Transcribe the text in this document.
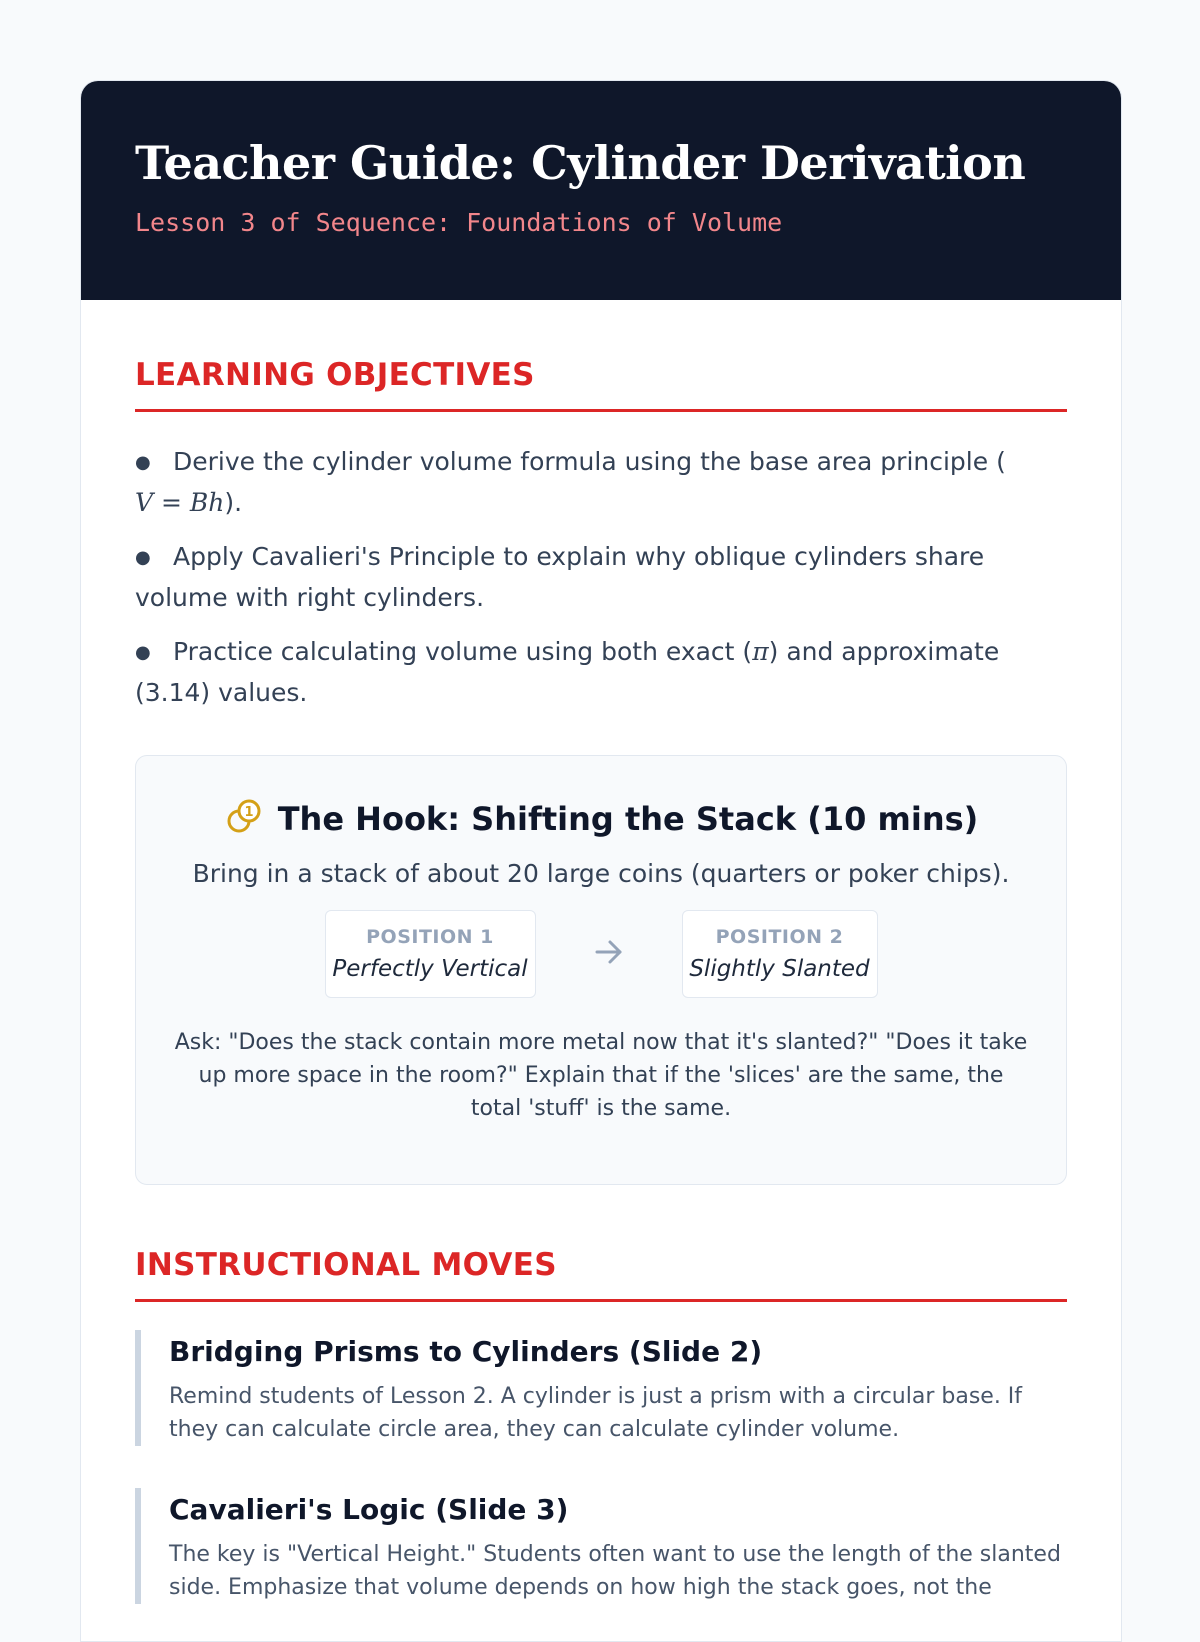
Teacher Guide: Cylinder Derivation
Lesson 3 of Sequence: Foundations of Volume
LEARNING OBJECTIVES
● Derive the cylinder volume formula using the base area principle (
V = Bh).
● Apply Cavalieri's Principle to explain why oblique cylinders share volume with right cylinders.
● Practice calculating volume using both exact (π) and approximate (3.14) values.
1 The Hook: Shifting the Stack (10 mins)
Bring in a stack of about 20 large coins (quarters or poker chips).
POSITION 1
Perfectly Vertical
POSITION 2
Slightly Slanted
Ask: "Does the stack contain more metal now that it's slanted?" "Does it take up more space in the room?" Explain that if the 'slices' are the same, the total 'stuff' is the same.
INSTRUCTIONAL MOVES
Bridging Prisms to Cylinders (Slide 2)
Remind students of Lesson 2. A cylinder is just a prism with a circular base. If they can calculate circle area, they can calculate cylinder volume.
Cavalieri's Logic (Slide 3)
The key is "Vertical Height." Students often want to use the length of the slanted side. Emphasize that volume depends on how high the stack goes, not the
